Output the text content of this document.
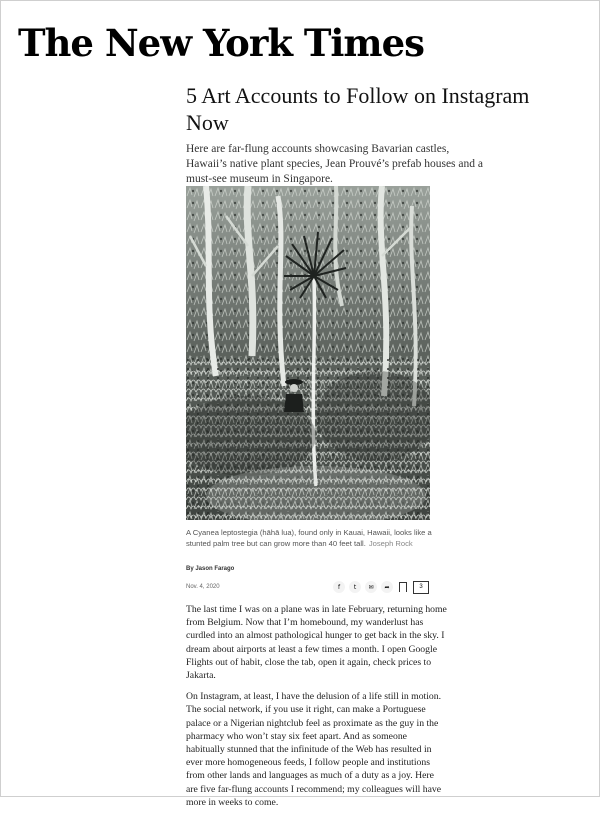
The New York Times
5 Art Accounts to Follow on Instagram Now

Here are far-flung accounts showcasing Bavarian castles, Hawaii’s native plant species, Jean Prouvé’s prefab houses and a must-see museum in Singapore.

A Cyanea leptostegia (hāhā lua), found only in Kauai, Hawaii, looks like a stunted palm tree but can grow more than 40 feet tall. Joseph Rock
By Jason Farago
Nov. 4, 2020	f	t	✉	➦	3

The last time I was on a plane was in late February, returning home from Belgium. Now that I’m homebound, my wanderlust has curdled into an almost pathological hunger to get back in the sky. I dream about airports at least a few times a month. I open Google Flights out of habit, close the tab, open it again, check prices to Jakarta.

On Instagram, at least, I have the delusion of a life still in motion. The social network, if you use it right, can make a Portuguese palace or a Nigerian nightclub feel as proximate as the guy in the pharmacy who won’t stay six feet apart. And as someone habitually stunned that the infinitude of the Web has resulted in ever more homogeneous feeds, I follow people and institutions from other lands and languages as much of a duty as a joy. Here are five far-flung accounts I recommend; my colleagues will have more in weeks to come.
